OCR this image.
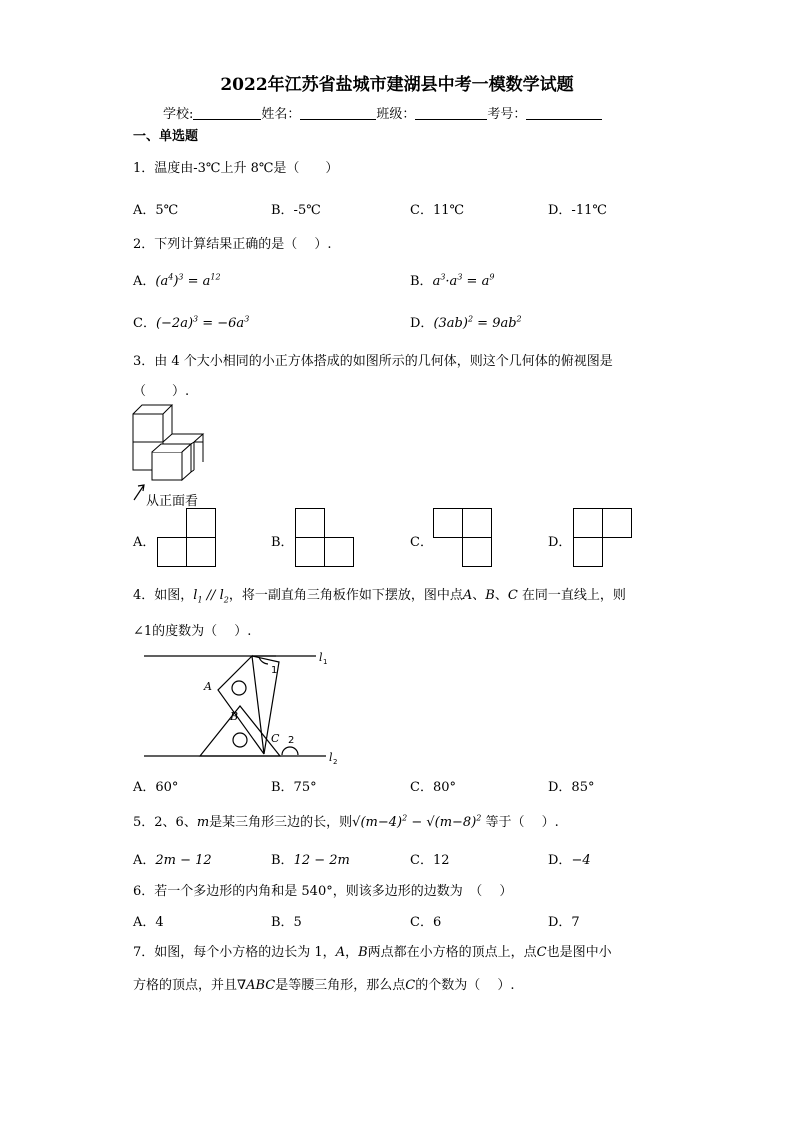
2022年江苏省盐城市建湖县中考一模数学试题
学校:	姓名：	班级：	考号：
一、单选题
1．温度由-3℃上升 8℃是（　　）
A．5℃	B．-5℃	C．11℃	D．-11℃
2．下列计算结果正确的是（　 ）.
A．$(a^4)^3 = a^{12}$	B．$a^3\cdot a^3 = a^9$
C．$(-2a)^3 = -6a^3$	D．$(3ab)^2 = 9ab^2$
3．由 4 个大小相同的小正方体搭成的如图所示的几何体，则这个几何体的俯视图是
（　　）.
从正面看
A．	B．	C．	D．
4．如图，$l_1 // l_2$，将一副直角三角板作如下摆放，图中点A、B、C 在同一直线上，则
∠1的度数为（　 ）.
A
B
C
l
l
1
2
1
2
A．60°	B．75°	C．80°	D．85°
5．2、6、m是某三角形三边的长，则$√(m-4)^2 - √(m-8)^2$ 等于（　 ）.
A．2m − 12	B．12 − 2m	C．12	D．−4
6．若一个多边形的内角和是 540°，则该多边形的边数为　（　 ）
A．4	B．5	C．6	D．7
7．如图，每个小方格的边长为 1，A，B两点都在小方格的顶点上，点C也是图中小
方格的顶点，并且∇ABC是等腰三角形，那么点C的个数为（　 ）.
